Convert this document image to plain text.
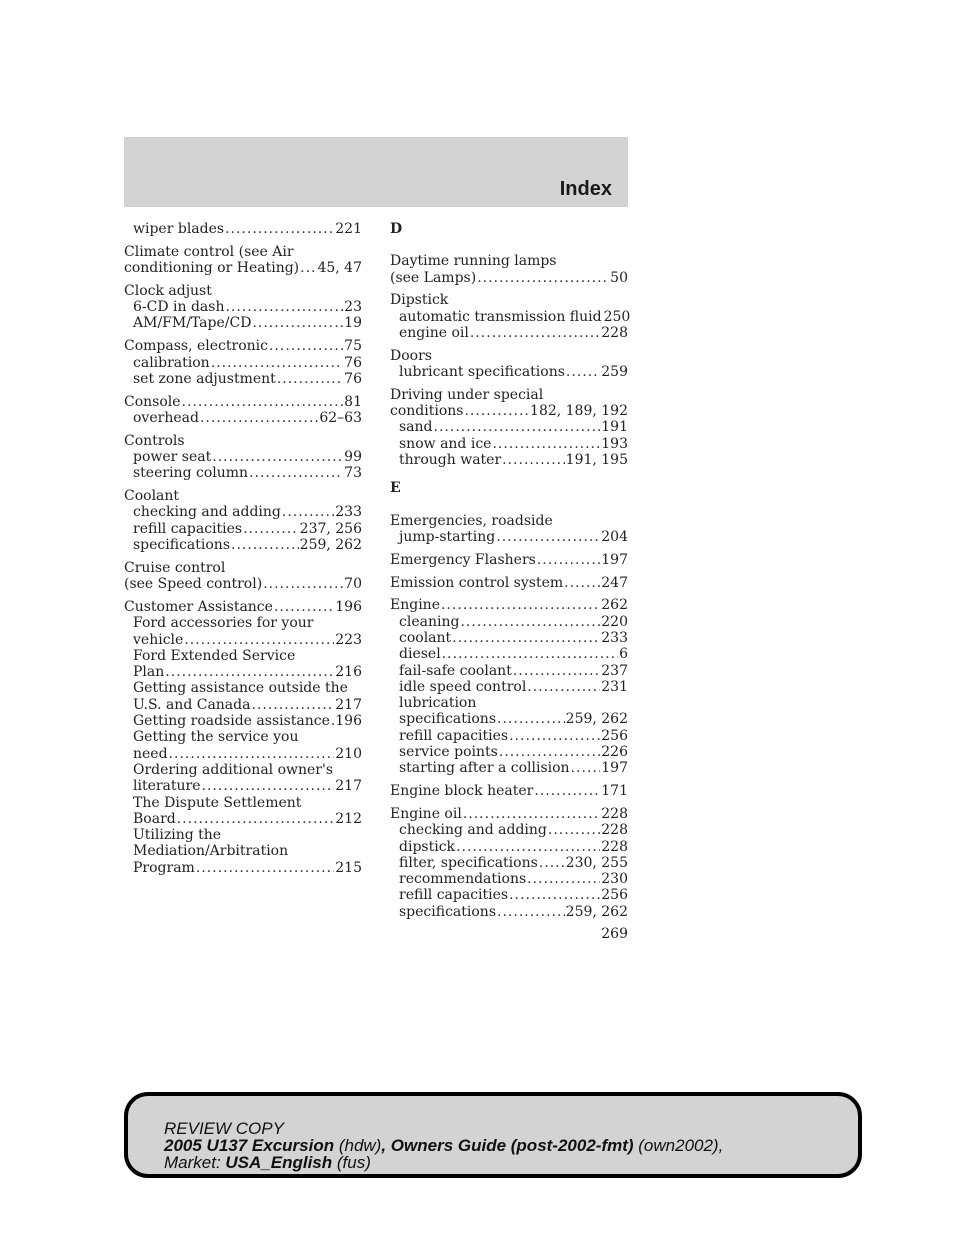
Index
wiper blades .....	221
Climate control (see Air
conditioning or Heating) ..... 45, 47
Clock adjust
6-CD in dash .....	23
AM/FM/Tape/CD .....	19
Compass, electronic .....	75
calibration .....	76
set zone adjustment .....	76
Console .....	81
overhead .....	62–63
Controls
power seat .....	99
steering column .....	73
Coolant
checking and adding .....	233
refill capacities .....	237, 256
specifications .....	259, 262
Cruise control
(see Speed control) .....	70
Customer Assistance .....	196
Ford accessories for your
vehicle .....	223
Ford Extended Service
Plan .....	216
Getting assistance outside the
U.S. and Canada .....	217
Getting roadside assistance ..... 196
Getting the service you
need .....	210
Ordering additional owner's
literature .....	217
The Dispute Settlement
Board .....	212
Utilizing the
Mediation/Arbitration
Program .....	215
D
Daytime running lamps
(see Lamps) .....	50
Dipstick
automatic transmission fluid 250
engine oil .....	228
Doors
lubricant specifications .....	259
Driving under special
conditions .....	182, 189, 192
sand .....	191
snow and ice .....	193
through water .....	191, 195
E
Emergencies, roadside
jump-starting .....	204
Emergency Flashers .....	197
Emission control system .....	247
Engine .....	262
cleaning .....	220
coolant .....	233
diesel .....	6
fail-safe coolant .....	237
idle speed control .....	231
lubrication
specifications .....	259, 262
refill capacities .....	256
service points .....	226
starting after a collision ..... 197
Engine block heater .....	171
Engine oil .....	228
checking and adding .....	228
dipstick .....	228
filter, specifications ..... 230, 255
recommendations .....	230
refill capacities .....	256
specifications .....	259, 262
269
REVIEW COPY
2005 U137 Excursion (hdw), Owners Guide (post-2002-fmt) (own2002),
Market: USA_English (fus)
